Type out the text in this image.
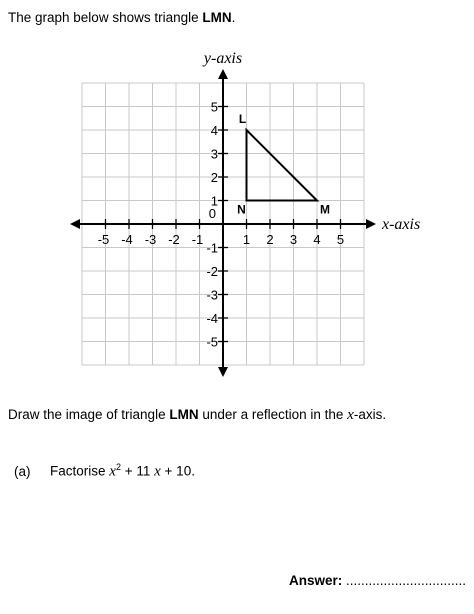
The graph below shows triangle LMN.
-5 -4 -3 -2 -1	1 2 3 4 5
5
4
3
2
1
-1
-2
-3
-4
-5
L
M
N
x-axis
y-axis
0
Draw the image of triangle LMN under a reflection in the x-axis.
(a) Factorise $x^2 + 11$ x + 10.
Answer: ................................
